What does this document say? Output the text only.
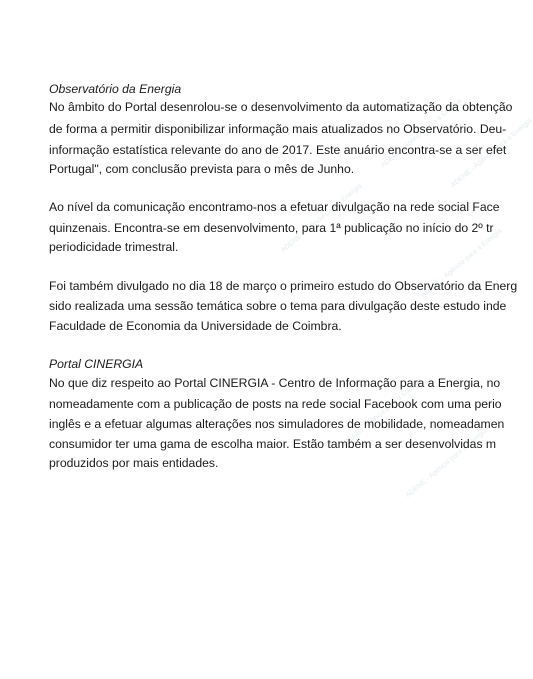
ADENE - Agência para a Energia
ADENE - Agência para a Energia
ADENE - Agência para a Energia
ADENE - Agência para a Energia
ADENE - Agência para a Energia
ADENE - Agência para a Energia
Observatório da Energia
No âmbito do Portal desenrolou-se o desenvolvimento da automatização da obtenção
de forma a permitir disponibilizar informação mais atualizados no Observatório. Deu-
informação estatística relevante do ano de 2017. Este anuário encontra-se a ser efet
Portugal", com conclusão prevista para o mês de Junho.
Ao nível da comunicação encontramo-nos a efetuar divulgação na rede social Face
quinzenais. Encontra-se em desenvolvimento, para 1ª publicação no início do 2º tr
periodicidade trimestral.
Foi também divulgado no dia 18 de março o primeiro estudo do Observatório da Energ
sido realizada uma sessão temática sobre o tema para divulgação deste estudo inde
Faculdade de Economia da Universidade de Coimbra.
Portal CINERGIA
No que diz respeito ao Portal CINERGIA - Centro de Informação para a Energia, no
nomeadamente com a publicação de posts na rede social Facebook com uma perio
inglês e a efetuar algumas alterações nos simuladores de mobilidade, nomeadamen
consumidor ter uma gama de escolha maior. Estão também a ser desenvolvidas m
produzidos por mais entidades.
